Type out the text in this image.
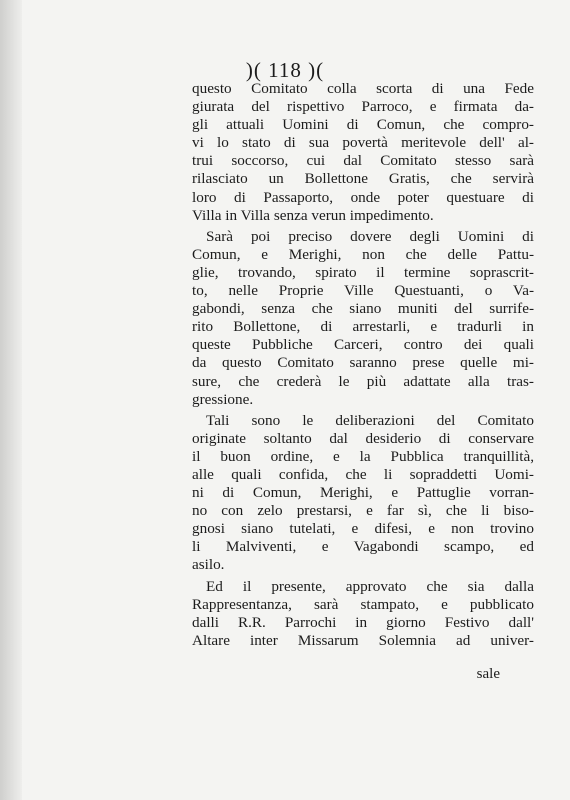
)( 118 )(
questo Comitato colla scorta di una Fede
giurata del rispettivo Parroco, e firmata da-
gli attuali Uomini di Comun, che compro-
vi lo stato di sua povertà meritevole dell' al-
trui soccorso, cui dal Comitato stesso sarà
rilasciato un Bollettone Gratis, che servirà
loro di Passaporto, onde poter questuare di
Villa in Villa senza verun impedimento.
Sarà poi preciso dovere degli Uomini di
Comun, e Merighi, non che delle Pattu-
glie, trovando, spirato il termine soprascrit-
to, nelle Proprie Ville Questuanti, o Va-
gabondi, senza che siano muniti del surrife-
rito Bollettone, di arrestarli, e tradurli in
queste Pubbliche Carceri, contro dei quali
da questo Comitato saranno prese quelle mi-
sure, che crederà le più adattate alla tras-
gressione.
Tali sono le deliberazioni del Comitato
originate soltanto dal desiderio di conservare
il buon ordine, e la Pubblica tranquillità,
alle quali confida, che li sopraddetti Uomi-
ni di Comun, Merighi, e Pattuglie vorran-
no con zelo prestarsi, e far sì, che li biso-
gnosi siano tutelati, e difesi, e non trovino
li Malviventi, e Vagabondi scampo, ed
asilo.
Ed il presente, approvato che sia dalla
Rappresentanza, sarà stampato, e pubblicato
dalli R.R. Parrochi in giorno Festivo dall'
Altare inter Missarum Solemnia ad univer-
sale
